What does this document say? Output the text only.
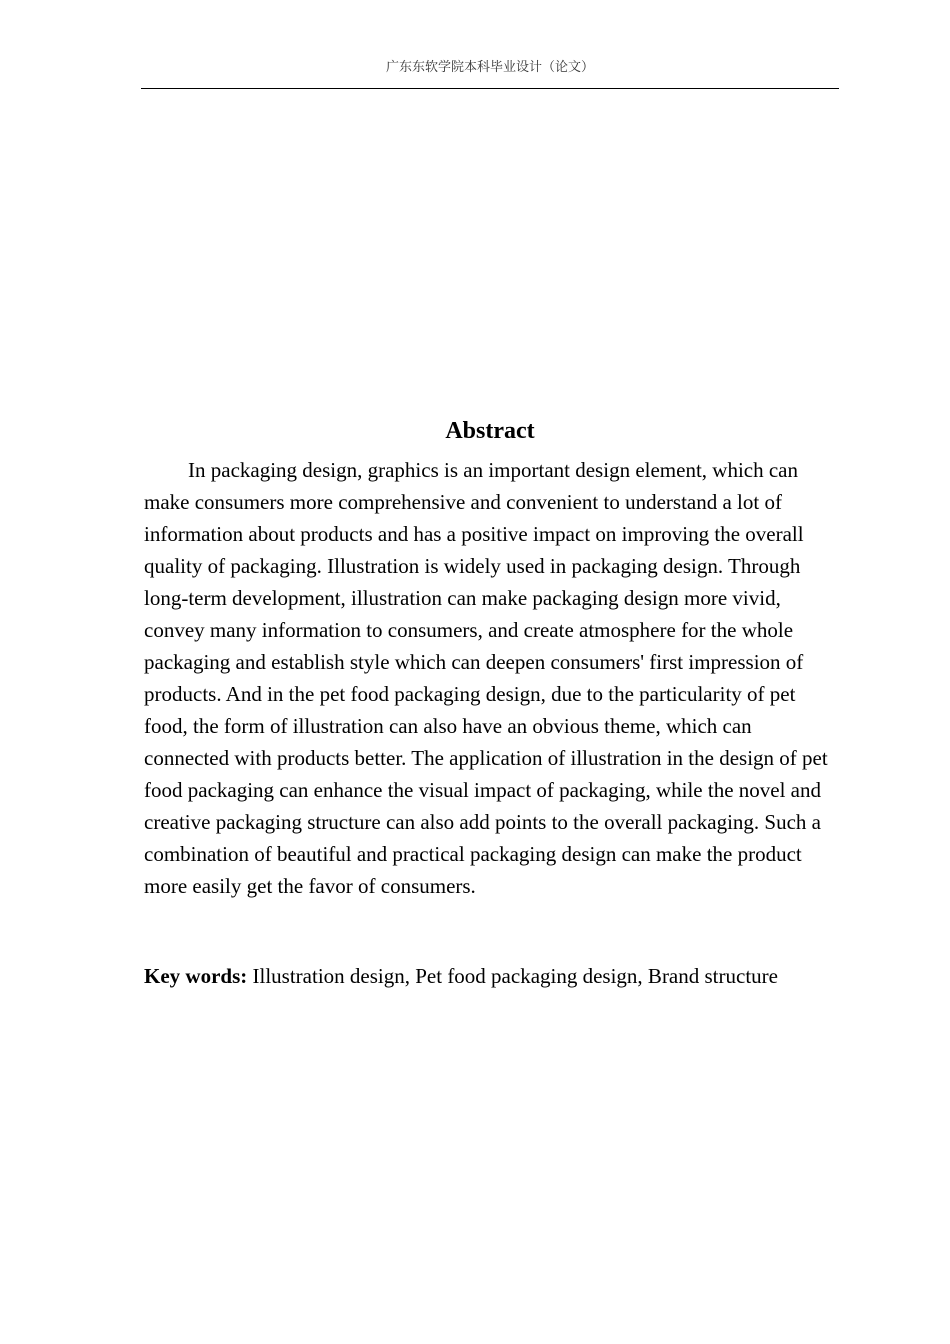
广东东软学院本科毕业设计（论文）
Abstract

In packaging design, graphics is an important design element, which can make consumers more comprehensive and convenient to understand a lot of information about products and has a positive impact on improving the overall quality of packaging. Illustration is widely used in packaging design. Through long-term development, illustration can make packaging design more vivid, convey many information to consumers, and create atmosphere for the whole packaging and establish style which can deepen consumers' first impression of products. And in the pet food packaging design, due to the particularity of pet food, the form of illustration can also have an obvious theme, which can connected with products better. The application of illustration in the design of pet food packaging can enhance the visual impact of packaging, while the novel and creative packaging structure can also add points to the overall packaging. Such a combination of beautiful and practical packaging design can make the product more easily get the favor of consumers.

Key words: Illustration design, Pet food packaging design, Brand structure
